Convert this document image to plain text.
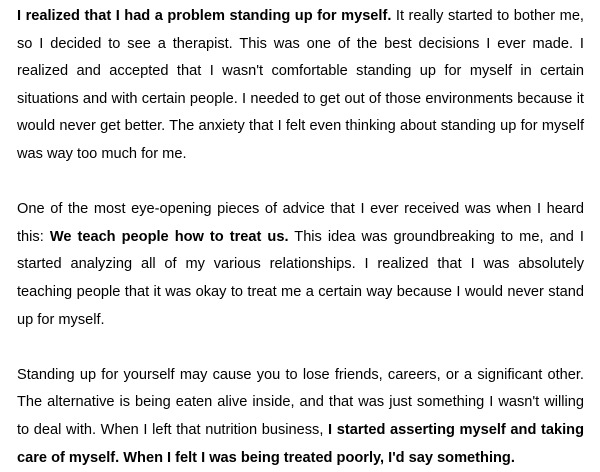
I realized that I had a problem standing up for myself. It really started to bother me, so I decided to see a therapist. This was one of the best decisions I ever made. I realized and accepted that I wasn't comfortable standing up for myself in certain situations and with certain people. I needed to get out of those environments because it would never get better. The anxiety that I felt even thinking about standing up for myself was way too much for me.

One of the most eye-opening pieces of advice that I ever received was when I heard this: We teach people how to treat us. This idea was groundbreaking to me, and I started analyzing all of my various relationships. I realized that I was absolutely teaching people that it was okay to treat me a certain way because I would never stand up for myself.

Standing up for yourself may cause you to lose friends, careers, or a significant other. The alternative is being eaten alive inside, and that was just something I wasn't willing to deal with. When I left that nutrition business, I started asserting myself and taking care of myself. When I felt I was being treated poorly, I'd say something.
